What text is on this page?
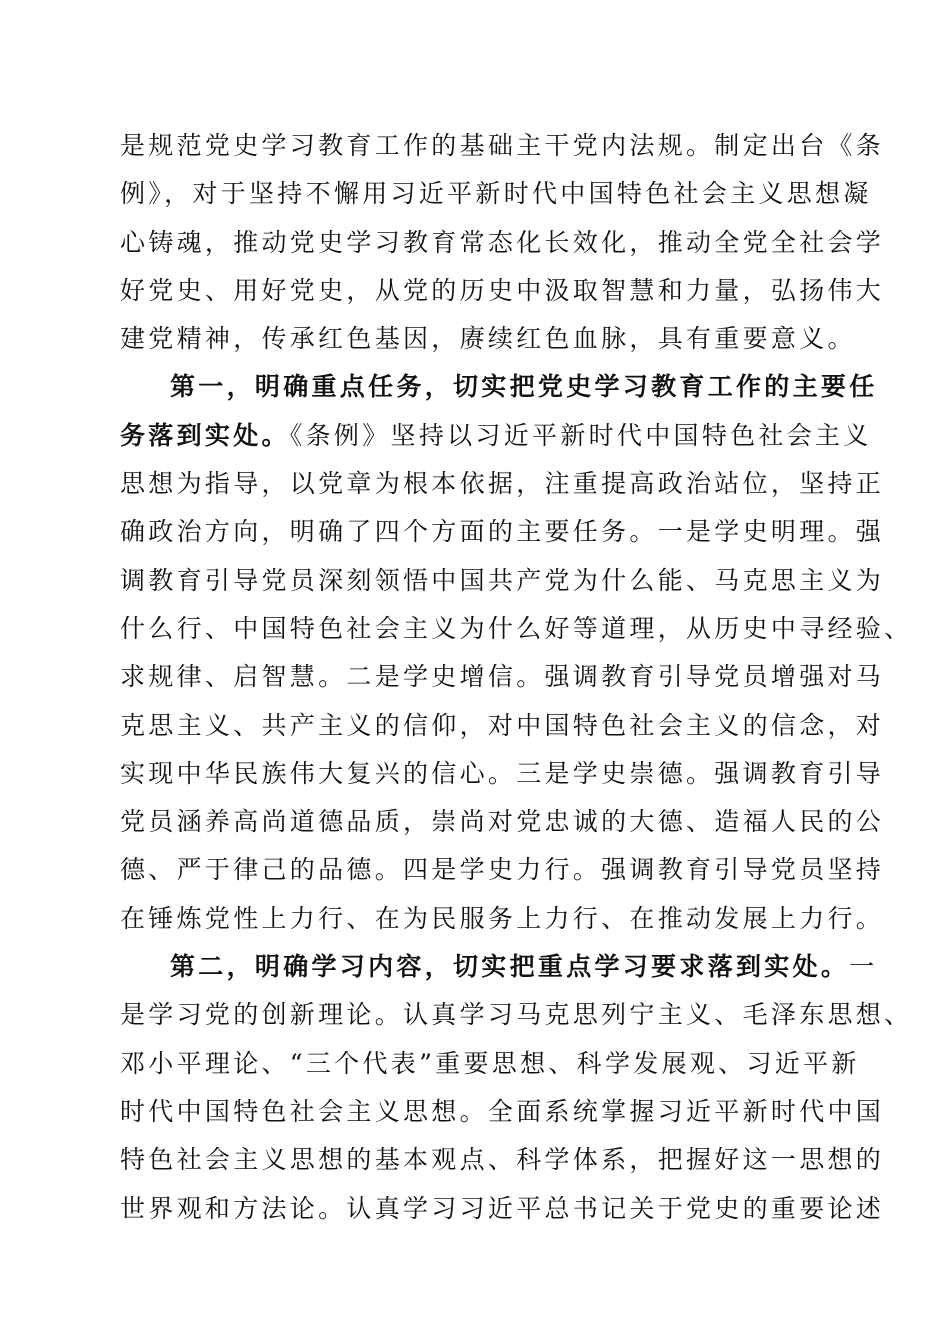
是规范党史学习教育工作的基础主干党内法规。制定出台《条
例》，对于坚持不懈用习近平新时代中国特色社会主义思想凝
心铸魂，推动党史学习教育常态化长效化，推动全党全社会学
好党史、用好党史，从党的历史中汲取智慧和力量，弘扬伟大
建党精神，传承红色基因，赓续红色血脉，具有重要意义。
第一，明确重点任务，切实把党史学习教育工作的主要任
务落到实处。《条例》坚持以习近平新时代中国特色社会主义
思想为指导，以党章为根本依据，注重提高政治站位，坚持正
确政治方向，明确了四个方面的主要任务。一是学史明理。强
调教育引导党员深刻领悟中国共产党为什么能、马克思主义为
什么行、中国特色社会主义为什么好等道理，从历史中寻经验、
求规律、启智慧。二是学史增信。强调教育引导党员增强对马
克思主义、共产主义的信仰，对中国特色社会主义的信念，对
实现中华民族伟大复兴的信心。三是学史崇德。强调教育引导
党员涵养高尚道德品质，崇尚对党忠诚的大德、造福人民的公
德、严于律己的品德。四是学史力行。强调教育引导党员坚持
在锤炼党性上力行、在为民服务上力行、在推动发展上力行。
第二，明确学习内容，切实把重点学习要求落到实处。一
是学习党的创新理论。认真学习马克思列宁主义、毛泽东思想、
邓小平理论、“三个代表”重要思想、科学发展观、习近平新
时代中国特色社会主义思想。全面系统掌握习近平新时代中国
特色社会主义思想的基本观点、科学体系，把握好这一思想的
世界观和方法论。认真学习习近平总书记关于党史的重要论述
